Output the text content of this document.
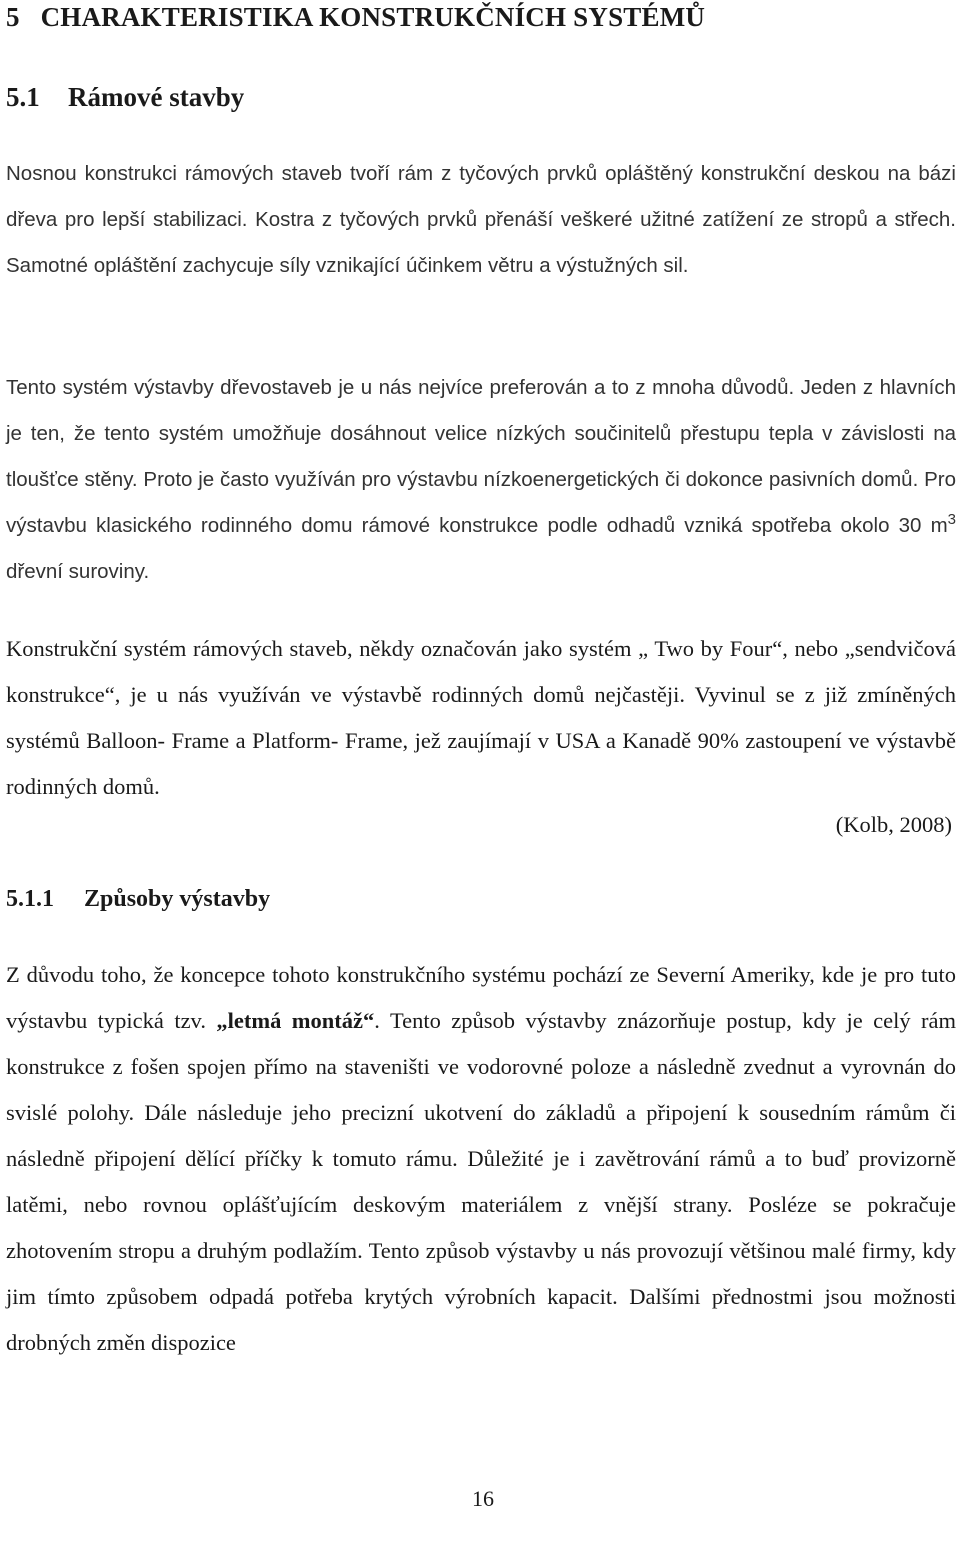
5 CHARAKTERISTIKA KONSTRUKČNÍCH SYSTÉMŮ
5.1 Rámové stavby

Nosnou konstrukci rámových staveb tvoří rám z tyčových prvků opláštěný konstrukční deskou na bázi dřeva pro lepší stabilizaci. Kostra z tyčových prvků přenáší veškeré užitné zatížení ze stropů a střech. Samotné opláštění zachycuje síly vznikající účinkem větru a výstužných sil.

Tento systém výstavby dřevostaveb je u nás nejvíce preferován a to z mnoha důvodů. Jeden z hlavních je ten, že tento systém umožňuje dosáhnout velice nízkých součinitelů přestupu tepla v závislosti na tloušťce stěny. Proto je často využíván pro výstavbu nízkoenergetických či dokonce pasivních domů. Pro výstavbu klasického rodinného domu rámové konstrukce podle odhadů vzniká spotřeba okolo 30 $m^3$ dřevní suroviny.

Konstrukční systém rámových staveb, někdy označován jako systém „ Two by Four“, nebo „sendvičová konstrukce“, je u nás využíván ve výstavbě rodinných domů nejčastěji. Vyvinul se z již zmíněných systémů Balloon- Frame a Platform- Frame, jež zaujímají v USA a Kanadě 90% zastoupení ve výstavbě rodinných domů.

(Kolb, 2008)

5.1.1 Způsoby výstavby

Z důvodu toho, že koncepce tohoto konstrukčního systému pochází ze Severní Ameriky, kde je pro tuto výstavbu typická tzv. „letmá montáž“. Tento způsob výstavby znázorňuje postup, kdy je celý rám konstrukce z fošen spojen přímo na staveništi ve vodorovné poloze a následně zvednut a vyrovnán do svislé polohy. Dále následuje jeho precizní ukotvení do základů a připojení k sousedním rámům či následně připojení dělící příčky k tomuto rámu. Důležité je i zavětrování rámů a to buď provizorně latěmi, nebo rovnou oplášťujícím deskovým materiálem z vnější strany. Posléze se pokračuje zhotovením stropu a druhým podlažím. Tento způsob výstavby u nás provozují většinou malé firmy, kdy jim tímto způsobem odpadá potřeba krytých výrobních kapacit. Dalšími přednostmi jsou možnosti drobných změn dispozice

16
